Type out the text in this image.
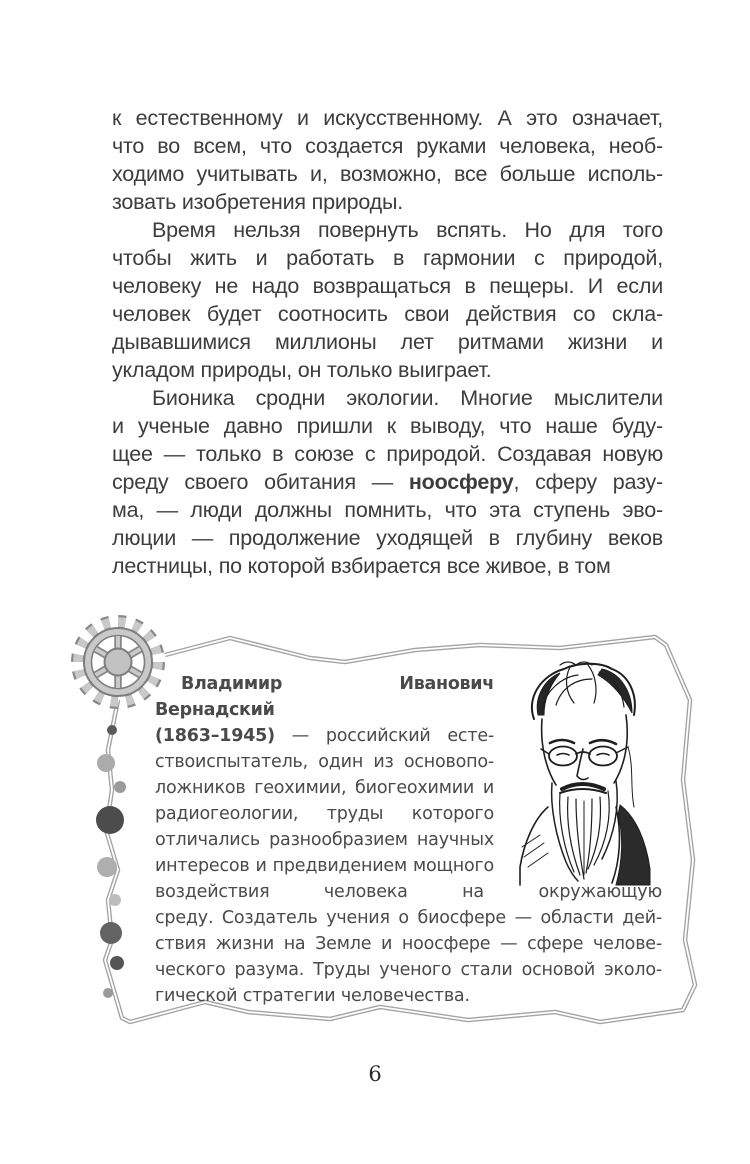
к естественному и искусственному. А это означает,
что во всем, что создается руками человека, необ-
ходимо учитывать и, возможно, все больше исполь-
зовать изобретения природы.
Время нельзя повернуть вспять. Но для того
чтобы жить и работать в гармонии с природой,
человеку не надо возвращаться в пещеры. И если
человек будет соотносить свои действия со скла-
дывавшимися миллионы лет ритмами жизни и
укладом природы, он только выиграет.
Бионика сродни экологии. Многие мыслители
и ученые давно пришли к выводу, что наше буду-
щее — только в союзе с природой. Создавая новую
среду своего обитания — ноосферу, сферу разу-
ма, — люди должны помнить, что эта ступень эво-
люции — продолжение уходящей в глубину веков
лестницы, по которой взбирается все живое, в том
Владимир Иванович Вернадский
(1863–1945) — российский есте-
ствоиспытатель, один из основопо-
ложников геохимии, биогеохимии и
радиогеологии, труды которого
отличались разнообразием научных
интересов и предвидением мощного
воздействия человека на окружающую
среду. Создатель учения о биосфере — области дей-
ствия жизни на Земле и ноосфере — сфере челове-
ческого разума. Труды ученого стали основой эколо-
гической стратегии человечества.
6
